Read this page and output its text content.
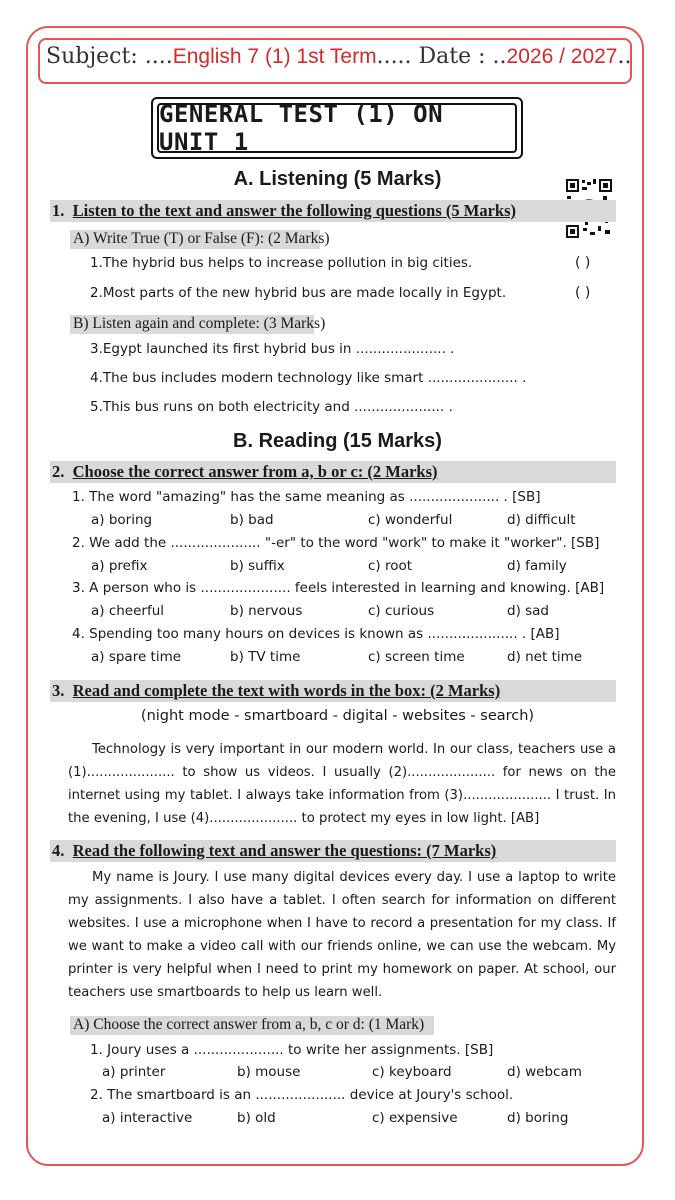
Subject: ....English 7 (1) 1st Term..... Date : ..2026 / 2027..
GENERAL TEST (1) ON UNIT 1
A. Listening (5 Marks)
1. Listen to the text and answer the following questions (5 Marks)
A) Write True (T) or False (F): (2 Marks)
1.The hybrid bus helps to increase pollution in big cities.	( )
2.Most parts of the new hybrid bus are made locally in Egypt.	( )
B) Listen again and complete: (3 Marks)
3.Egypt launched its first hybrid bus in ..................... .
4.The bus includes modern technology like smart ..................... .
5.This bus runs on both electricity and ..................... .
B. Reading (15 Marks)
2. Choose the correct answer from a, b or c: (2 Marks)
1. The word "amazing" has the same meaning as ..................... . [SB]
a) boring	b) bad	c) wonderful	d) difficult
2. We add the ..................... "-er" to the word "work" to make it "worker". [SB]
a) prefix	b) suffix	c) root	d) family
3. A person who is ..................... feels interested in learning and knowing. [AB]
a) cheerful	b) nervous	c) curious	d) sad
4. Spending too many hours on devices is known as ..................... . [AB]
a) spare time	b) TV time	c) screen time	d) net time
3. Read and complete the text with words in the box: (2 Marks)
(night mode - smartboard - digital - websites - search)

Technology is very important in our modern world. In our class, teachers use a (1)..................... to show us videos. I usually (2)..................... for news on the internet using my tablet. I always take information from (3)..................... I trust. In the evening, I use (4)..................... to protect my eyes in low light. [AB]

4. Read the following text and answer the questions: (7 Marks)

My name is Joury. I use many digital devices every day. I use a laptop to write my assignments. I also have a tablet. I often search for information on different websites. I use a microphone when I have to record a presentation for my class. If we want to make a video call with our friends online, we can use the webcam. My printer is very helpful when I need to print my homework on paper. At school, our teachers use smartboards to help us learn well.

A) Choose the correct answer from a, b, c or d: (1 Mark)
1. Joury uses a ..................... to write her assignments. [SB]
a) printer	b) mouse	c) keyboard	d) webcam
2. The smartboard is an ..................... device at Joury's school.
a) interactive	b) old	c) expensive	d) boring
